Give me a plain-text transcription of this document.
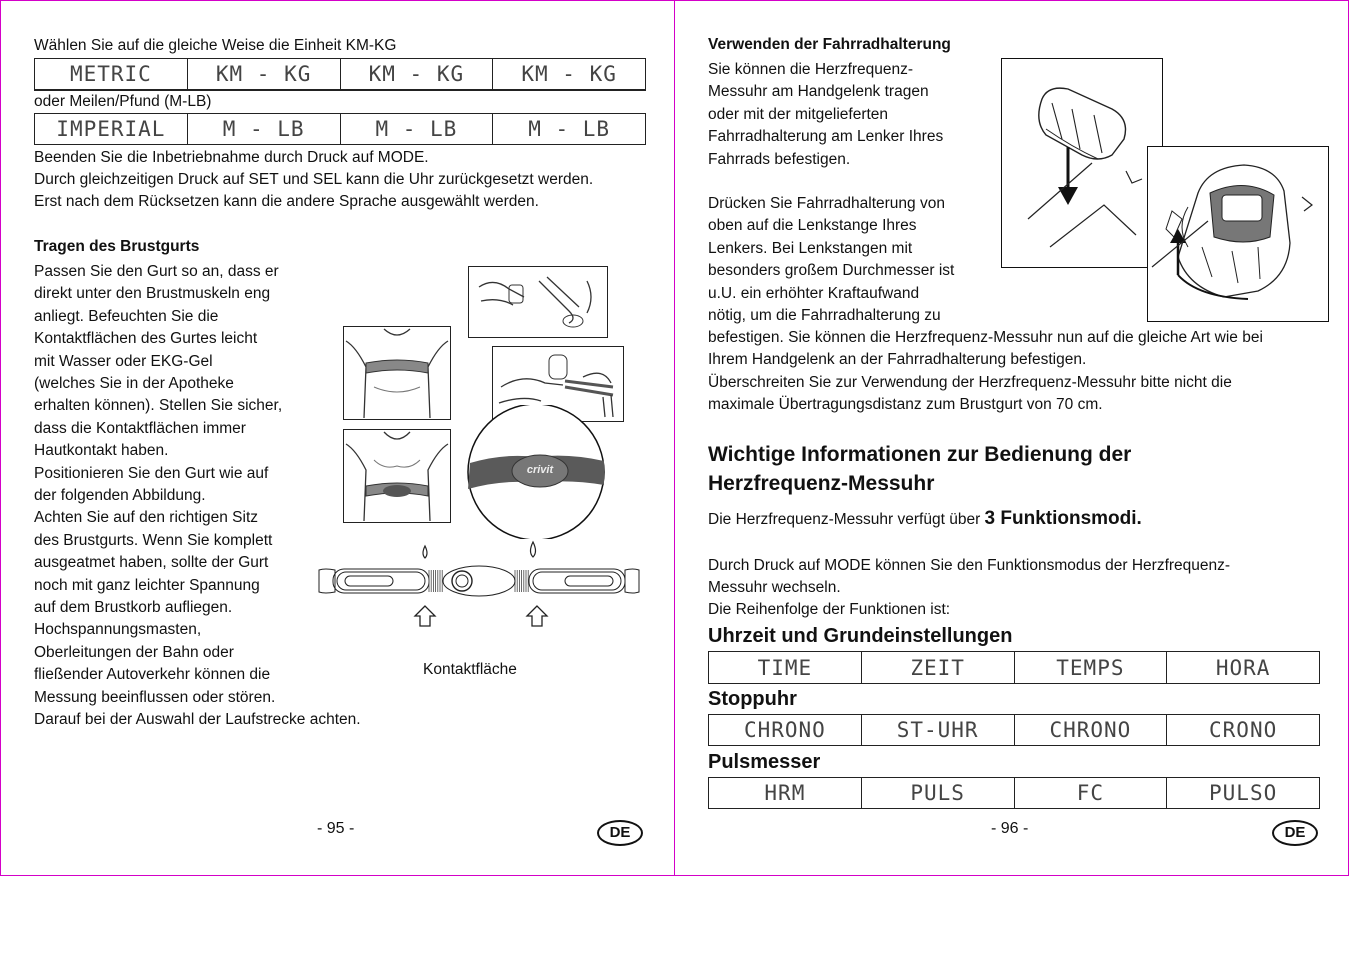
Wählen Sie auf die gleiche Weise die Einheit KM-KG
METRIC	KM - KG	KM - KG	KM - KG
oder Meilen/Pfund (M-LB)
IMPERIAL	M - LB	M - LB	M - LB
Beenden Sie die Inbetriebnahme durch Druck auf MODE.
Durch gleichzeitigen Druck auf SET und SEL kann die Uhr zurückgesetzt werden.
Erst nach dem Rücksetzen kann die andere Sprache ausgewählt werden.
Tragen des Brustgurts
Passen Sie den Gurt so an, dass er
direkt unter den Brustmuskeln eng
anliegt. Befeuchten Sie die
Kontaktflächen des Gurtes leicht
mit Wasser oder EKG-Gel
(welches Sie in der Apotheke
erhalten können). Stellen Sie sicher,
dass die Kontaktflächen immer
Hautkontakt haben.
Positionieren Sie den Gurt wie auf
der folgenden Abbildung.
Achten Sie auf den richtigen Sitz
des Brustgurts. Wenn Sie komplett
ausgeatmet haben, sollte der Gurt
noch mit ganz leichter Spannung
auf dem Brustkorb aufliegen.
Hochspannungsmasten,
Oberleitungen der Bahn oder
fließender Autoverkehr können die
Messung beeinflussen oder stören.
Darauf bei der Auswahl der Laufstrecke achten.
crivit
Kontaktfläche
- 95 -	DE
Verwenden der Fahrradhalterung
Sie können die Herzfrequenz-
Messuhr am Handgelenk tragen
oder mit der mitgelieferten
Fahrradhalterung am Lenker Ihres
Fahrrads befestigen.
Drücken Sie Fahrradhalterung von
oben auf die Lenkstange Ihres
Lenkers. Bei Lenkstangen mit
besonders großem Durchmesser ist
u.U. ein erhöhter Kraftaufwand
nötig, um die Fahrradhalterung zu
befestigen. Sie können die Herzfrequenz-Messuhr nun auf die gleiche Art wie bei
Ihrem Handgelenk an der Fahrradhalterung befestigen.
Überschreiten Sie zur Verwendung der Herzfrequenz-Messuhr bitte nicht die
maximale Übertragungsdistanz zum Brustgurt von 70 cm.
Wichtige Informationen zur Bedienung der
Herzfrequenz-Messuhr
Die Herzfrequenz-Messuhr verfügt über 3 Funktionsmodi.
Durch Druck auf MODE können Sie den Funktionsmodus der Herzfrequenz-
Messuhr wechseln.
Die Reihenfolge der Funktionen ist:
Uhrzeit und Grundeinstellungen
TIME	ZEIT	TEMPS	HORA
Stoppuhr
CHRONO	ST-UHR	CHRONO	CRONO
Pulsmesser
HRM	PULS	FC	PULSO
- 96 -	DE
